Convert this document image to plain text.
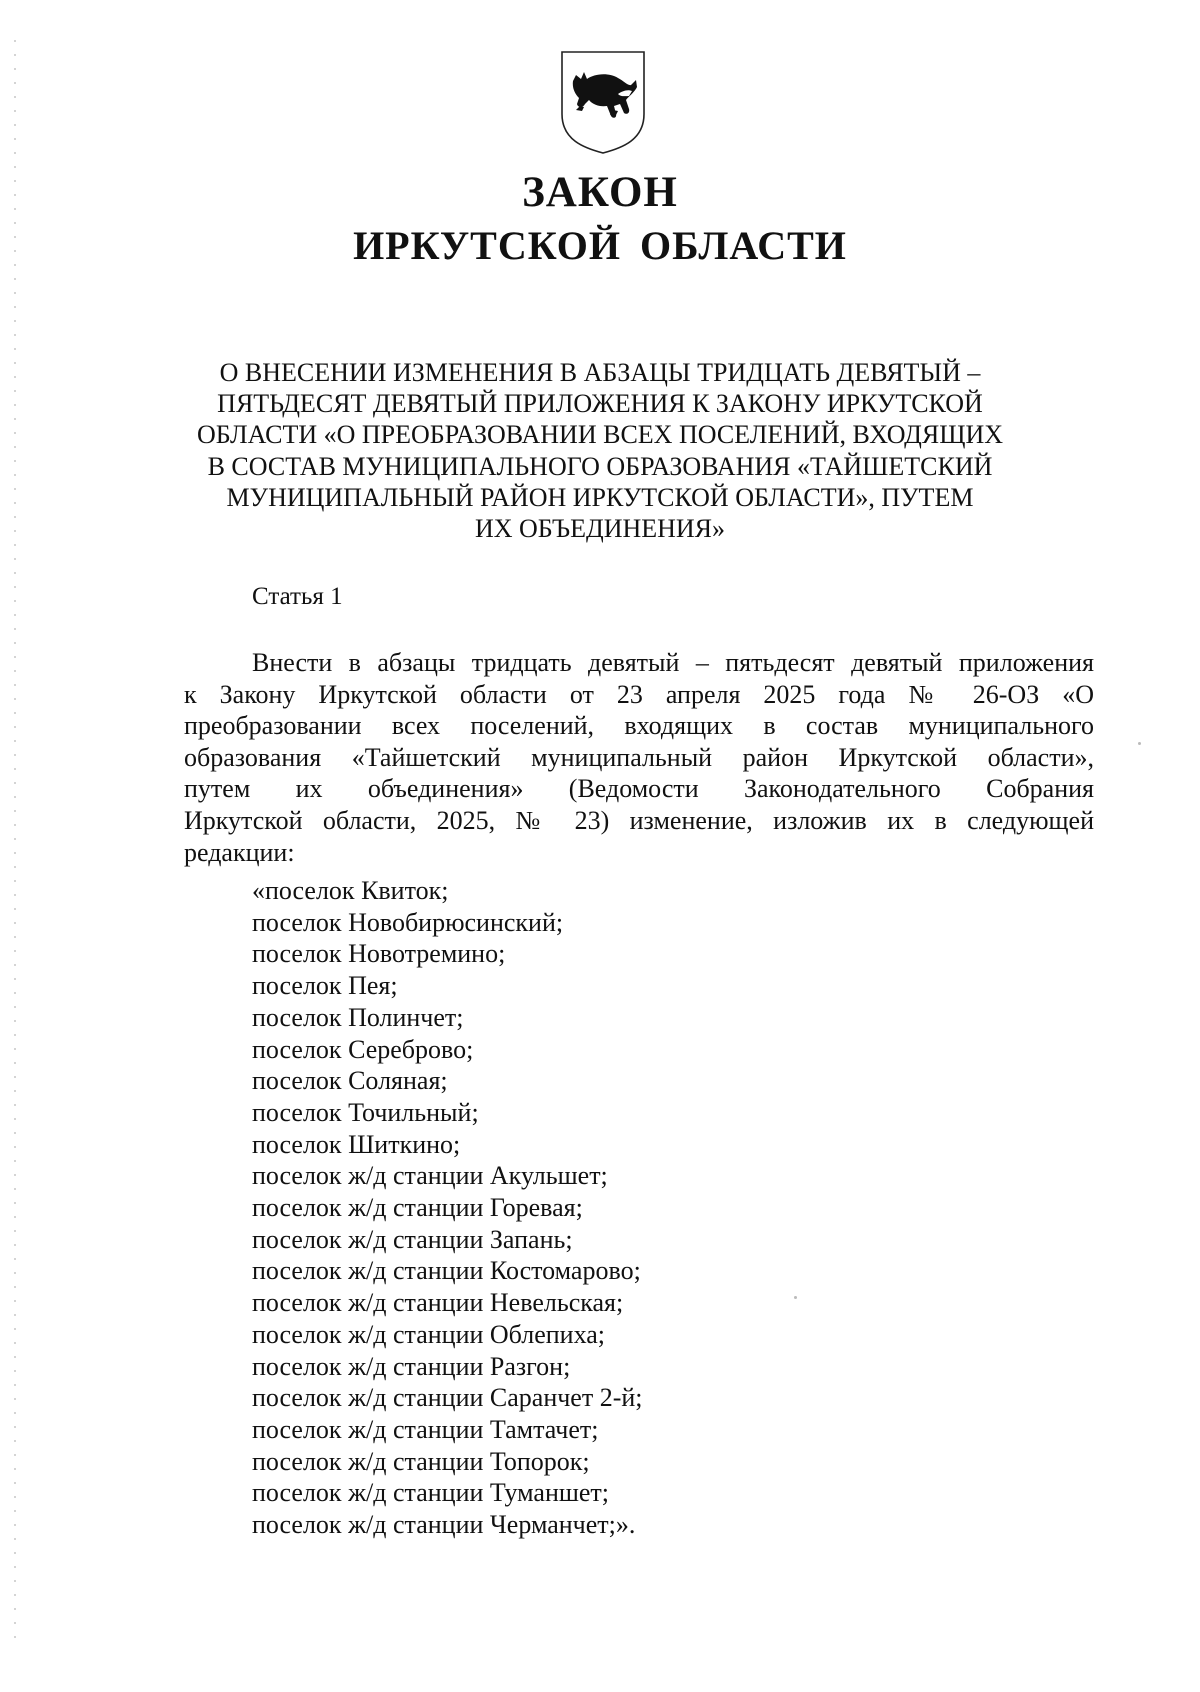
ЗАКОН
ИРКУТСКОЙ ОБЛАСТИ

О ВНЕСЕНИИ ИЗМЕНЕНИЯ В АБЗАЦЫ ТРИДЦАТЬ ДЕВЯТЫЙ –
ПЯТЬДЕСЯТ ДЕВЯТЫЙ ПРИЛОЖЕНИЯ К ЗАКОНУ ИРКУТСКОЙ
ОБЛАСТИ «О ПРЕОБРАЗОВАНИИ ВСЕХ ПОСЕЛЕНИЙ, ВХОДЯЩИХ
В СОСТАВ МУНИЦИПАЛЬНОГО ОБРАЗОВАНИЯ «ТАЙШЕТСКИЙ
МУНИЦИПАЛЬНЫЙ РАЙОН ИРКУТСКОЙ ОБЛАСТИ», ПУТЕМ
ИХ ОБЪЕДИНЕНИЯ»

Статья 1

Внести в абзацы тридцать девятый – пятьдесят девятый приложения
к Закону Иркутской области от 23 апреля 2025 года № 26-ОЗ «О
преобразовании всех поселений, входящих в состав муниципального
образования «Тайшетский муниципальный район Иркутской области»,
путем их объединения» (Ведомости Законодательного Собрания
Иркутской области, 2025, № 23) изменение, изложив их в следующей
редакции:
«поселок Квиток;
поселок Новобирюсинский;
поселок Новотремино;
поселок Пея;
поселок Полинчет;
поселок Сереброво;
поселок Соляная;
поселок Точильный;
поселок Шиткино;
поселок ж/д станции Акульшет;
поселок ж/д станции Горевая;
поселок ж/д станции Запань;
поселок ж/д станции Костомарово;
поселок ж/д станции Невельская;
поселок ж/д станции Облепиха;
поселок ж/д станции Разгон;
поселок ж/д станции Саранчет 2-й;
поселок ж/д станции Тамтачет;
поселок ж/д станции Топорок;
поселок ж/д станции Туманшет;
поселок ж/д станции Черманчет;».
